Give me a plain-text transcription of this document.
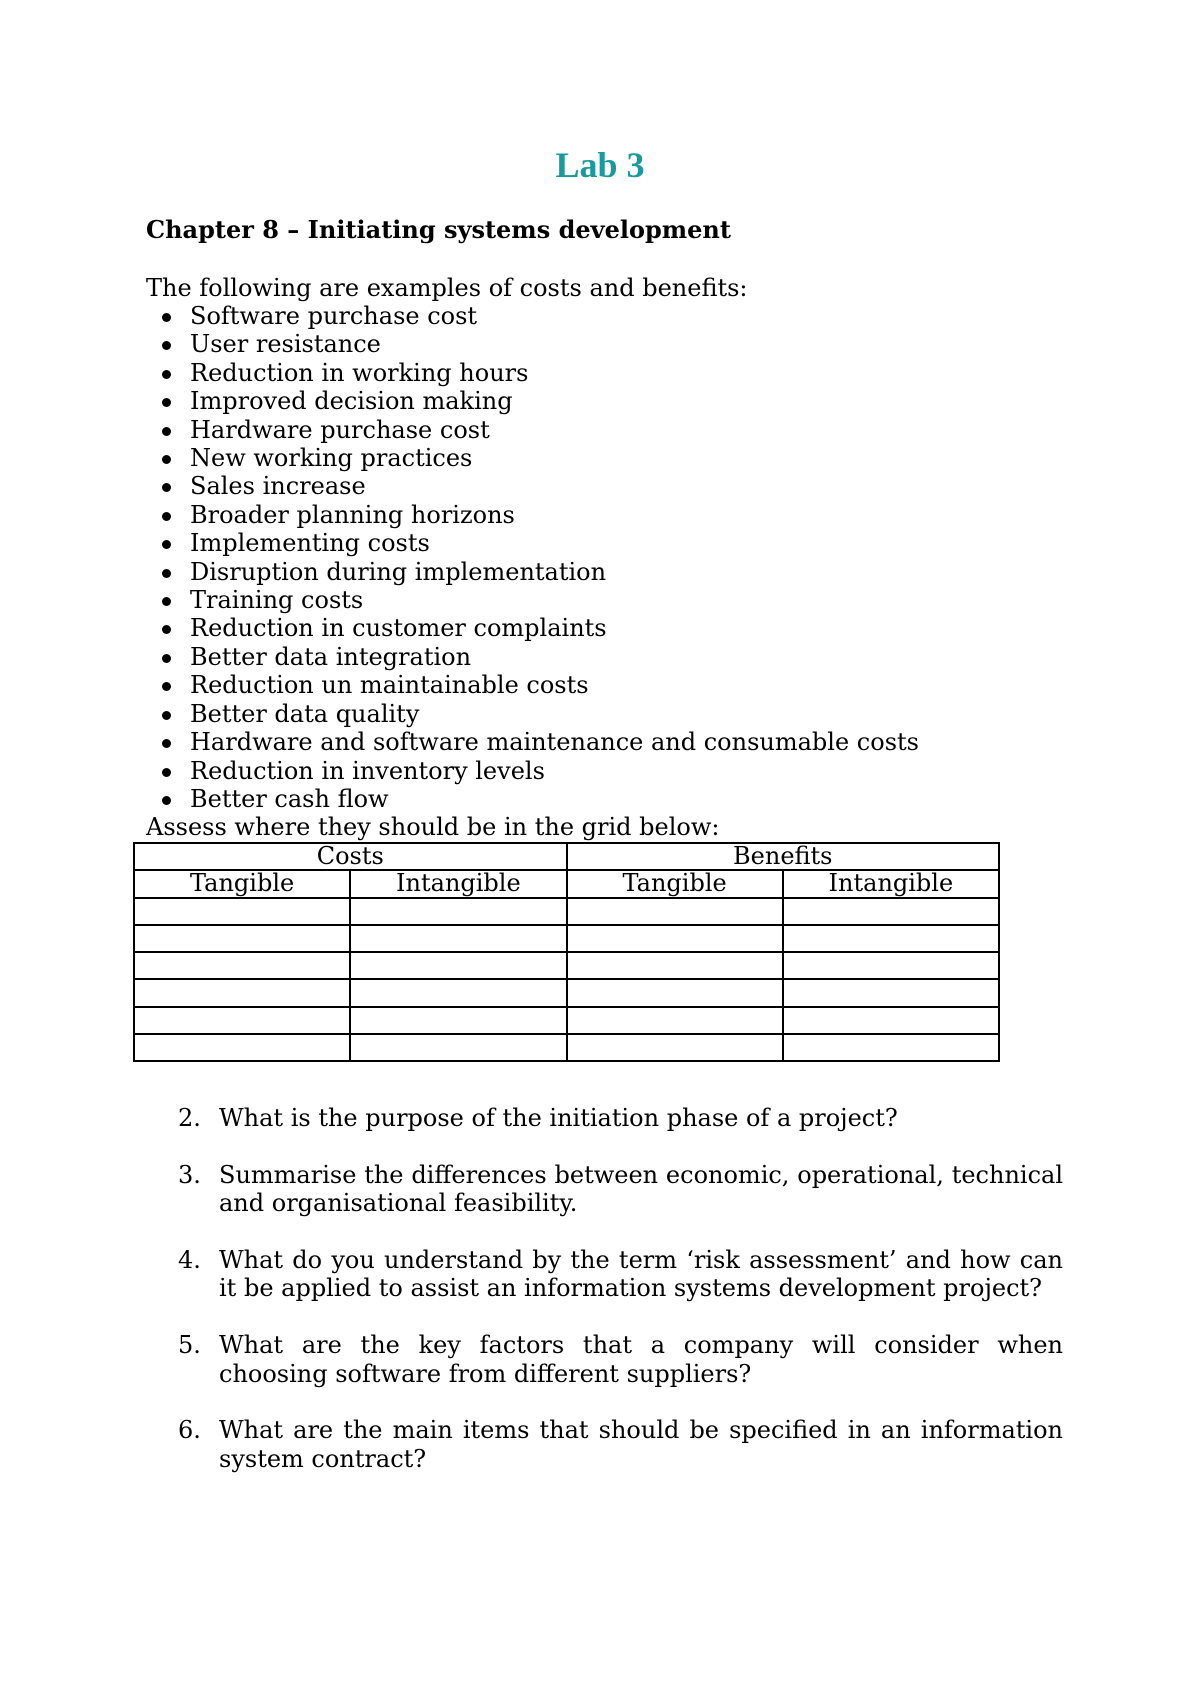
Lab 3
Chapter 8 – Initiating systems development
The following are examples of costs and benefits:
Software purchase cost
User resistance
Reduction in working hours
Improved decision making
Hardware purchase cost
New working practices
Sales increase
Broader planning horizons
Implementing costs
Disruption during implementation
Training costs
Reduction in customer complaints
Better data integration
Reduction un maintainable costs
Better data quality
Hardware and software maintenance and consumable costs
Reduction in inventory levels
Better cash flow
Assess where they should be in the grid below:
Costs		Benefits	
Tangible	Intangible	Tangible	Intangible

2. What is the purpose of the initiation phase of a project?
3. Summarise the differences between economic, operational, technical and organisational feasibility.
4. What do you understand by the term ‘risk assessment’ and how can it be applied to assist an information systems development project?
5. What are the key factors that a company will consider when choosing software from different suppliers?
6. What are the main items that should be specified in an information system contract?
